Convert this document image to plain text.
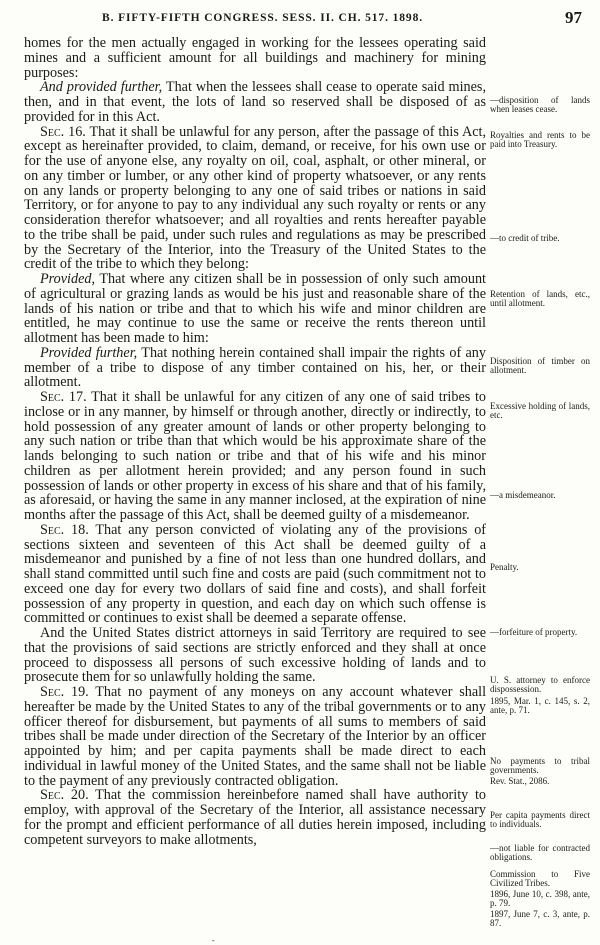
B. FIFTY-FIFTH CONGRESS. SESS. II. CH. 517. 1898.	97

homes for the men actually engaged in working for the lessees operating said mines and a sufficient amount for all buildings and machinery for mining purposes:

And provided further, That when the lessees shall cease to operate said mines, then, and in that event, the lots of land so reserved shall be disposed of as provided for in this Act.

Sec. 16. That it shall be unlawful for any person, after the passage of this Act, except as hereinafter provided, to claim, demand, or receive, for his own use or for the use of anyone else, any royalty on oil, coal, asphalt, or other mineral, or on any timber or lumber, or any other kind of property whatsoever, or any rents on any lands or property belonging to any one of said tribes or nations in said Territory, or for anyone to pay to any individual any such royalty or rents or any consideration therefor whatsoever; and all royalties and rents hereafter payable to the tribe shall be paid, under such rules and regulations as may be prescribed by the Secretary of the Interior, into the Treasury of the United States to the credit of the tribe to which they belong:

Provided, That where any citizen shall be in possession of only such amount of agricultural or grazing lands as would be his just and reasonable share of the lands of his nation or tribe and that to which his wife and minor children are entitled, he may continue to use the same or receive the rents thereon until allotment has been made to him:

Provided further, That nothing herein contained shall impair the rights of any member of a tribe to dispose of any timber contained on his, her, or their allotment.

Sec. 17. That it shall be unlawful for any citizen of any one of said tribes to inclose or in any manner, by himself or through another, directly or indirectly, to hold possession of any greater amount of lands or other property belonging to any such nation or tribe than that which would be his approximate share of the lands belonging to such nation or tribe and that of his wife and his minor children as per allotment herein provided; and any person found in such possession of lands or other property in excess of his share and that of his family, as aforesaid, or having the same in any manner inclosed, at the expiration of nine months after the passage of this Act, shall be deemed guilty of a misdemeanor.

Sec. 18. That any person convicted of violating any of the provisions of sections sixteen and seventeen of this Act shall be deemed guilty of a misdemeanor and punished by a fine of not less than one hundred dollars, and shall stand committed until such fine and costs are paid (such commitment not to exceed one day for every two dollars of said fine and costs), and shall forfeit possession of any property in question, and each day on which such offense is committed or continues to exist shall be deemed a separate offense.

And the United States district attorneys in said Territory are required to see that the provisions of said sections are strictly enforced and they shall at once proceed to dispossess all persons of such excessive holding of lands and to prosecute them for so unlawfully holding the same.

Sec. 19. That no payment of any moneys on any account whatever shall hereafter be made by the United States to any of the tribal governments or to any officer thereof for disbursement, but payments of all sums to members of said tribes shall be made under direction of the Secretary of the Interior by an officer appointed by him; and per capita payments shall be made direct to each individual in lawful money of the United States, and the same shall not be liable to the payment of any previously contracted obligation.

Sec. 20. That the commission hereinbefore named shall have authority to employ, with approval of the Secretary of the Interior, all assistance necessary for the prompt and efficient performance of all duties herein imposed, including competent surveyors to make allotments,

—disposition of lands when leases cease.
Royalties and rents to be paid into Treasury.
—to credit of tribe.
Retention of lands, etc., until allotment.
Disposition of timber on allotment.
Excessive holding of lands, etc.
—a misdemeanor.
Penalty.
—forfeiture of property.
U. S. attorney to enforce dispossession.
1895, Mar. 1, c. 145, s. 2, ante, p. 71.
No payments to tribal governments.
Rev. Stat., 2086.
Per capita payments direct to individuals.
—not liable for contracted obligations.
Commission to Five Civilized Tribes.
1896, June 10, c. 398, ante, p. 79.
1897, June 7, c. 3, ante, p. 87.
-
